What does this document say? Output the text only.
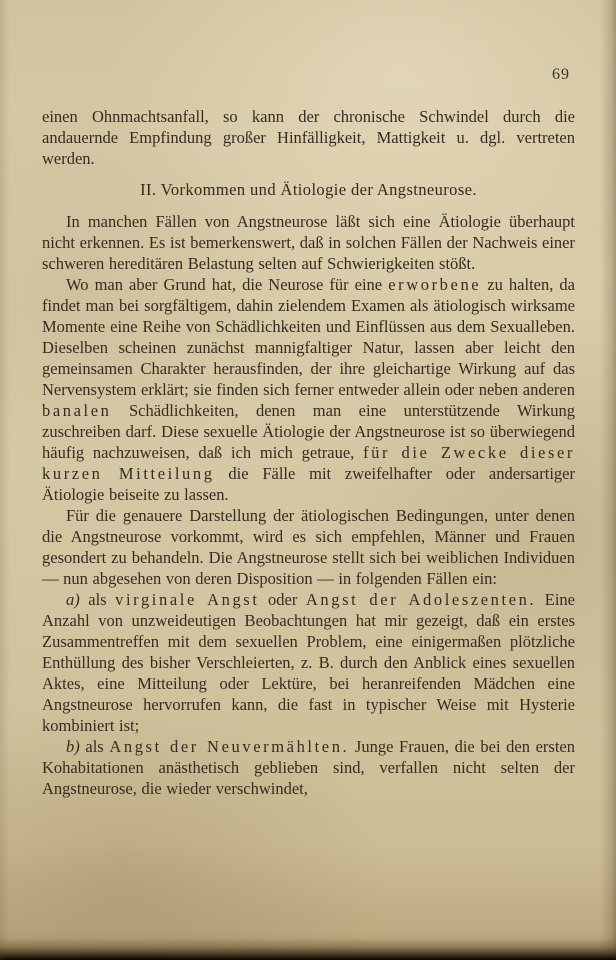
69

einen Ohnmachtsanfall, so kann der chronische Schwindel durch die andauernde Empfindung großer Hinfälligkeit, Mattigkeit u. dgl. vertreten werden.

II. Vorkommen und Ätiologie der Angstneurose.

In manchen Fällen von Angstneurose läßt sich eine Ätiologie überhaupt nicht erkennen. Es ist bemerkenswert, daß in solchen Fällen der Nachweis einer schweren hereditären Belastung selten auf Schwierigkeiten stößt.

Wo man aber Grund hat, die Neurose für eine erworbene zu halten, da findet man bei sorgfältigem, dahin zielendem Examen als ätiologisch wirksame Momente eine Reihe von Schädlichkeiten und Einflüssen aus dem Sexualleben. Dieselben scheinen zunächst mannigfaltiger Natur, lassen aber leicht den gemeinsamen Charakter herausfinden, der ihre gleichartige Wirkung auf das Nervensystem erklärt; sie finden sich ferner entweder allein oder neben anderen banalen Schädlichkeiten, denen man eine unterstützende Wirkung zuschreiben darf. Diese sexuelle Ätiologie der Angstneurose ist so überwiegend häufig nachzuweisen, daß ich mich getraue, für die Zwecke dieser kurzen Mitteilung die Fälle mit zweifelhafter oder andersartiger Ätiologie beiseite zu lassen.

Für die genauere Darstellung der ätiologischen Bedingungen, unter denen die Angstneurose vorkommt, wird es sich empfehlen, Männer und Frauen gesondert zu behandeln. Die Angstneurose stellt sich bei weiblichen Individuen — nun abgesehen von deren Disposition — in folgenden Fällen ein:

a) als virginale Angst oder Angst der Adoleszenten. Eine Anzahl von unzweideutigen Beobachtungen hat mir gezeigt, daß ein erstes Zusammentreffen mit dem sexuellen Problem, eine einigermaßen plötzliche Enthüllung des bisher Verschleierten, z. B. durch den Anblick eines sexuellen Aktes, eine Mitteilung oder Lektüre, bei heranreifenden Mädchen eine Angstneurose hervorrufen kann, die fast in typischer Weise mit Hysterie kombiniert ist;

b) als Angst der Neuvermählten. Junge Frauen, die bei den ersten Kohabitationen anästhetisch geblieben sind, verfallen nicht selten der Angstneurose, die wieder verschwindet,
